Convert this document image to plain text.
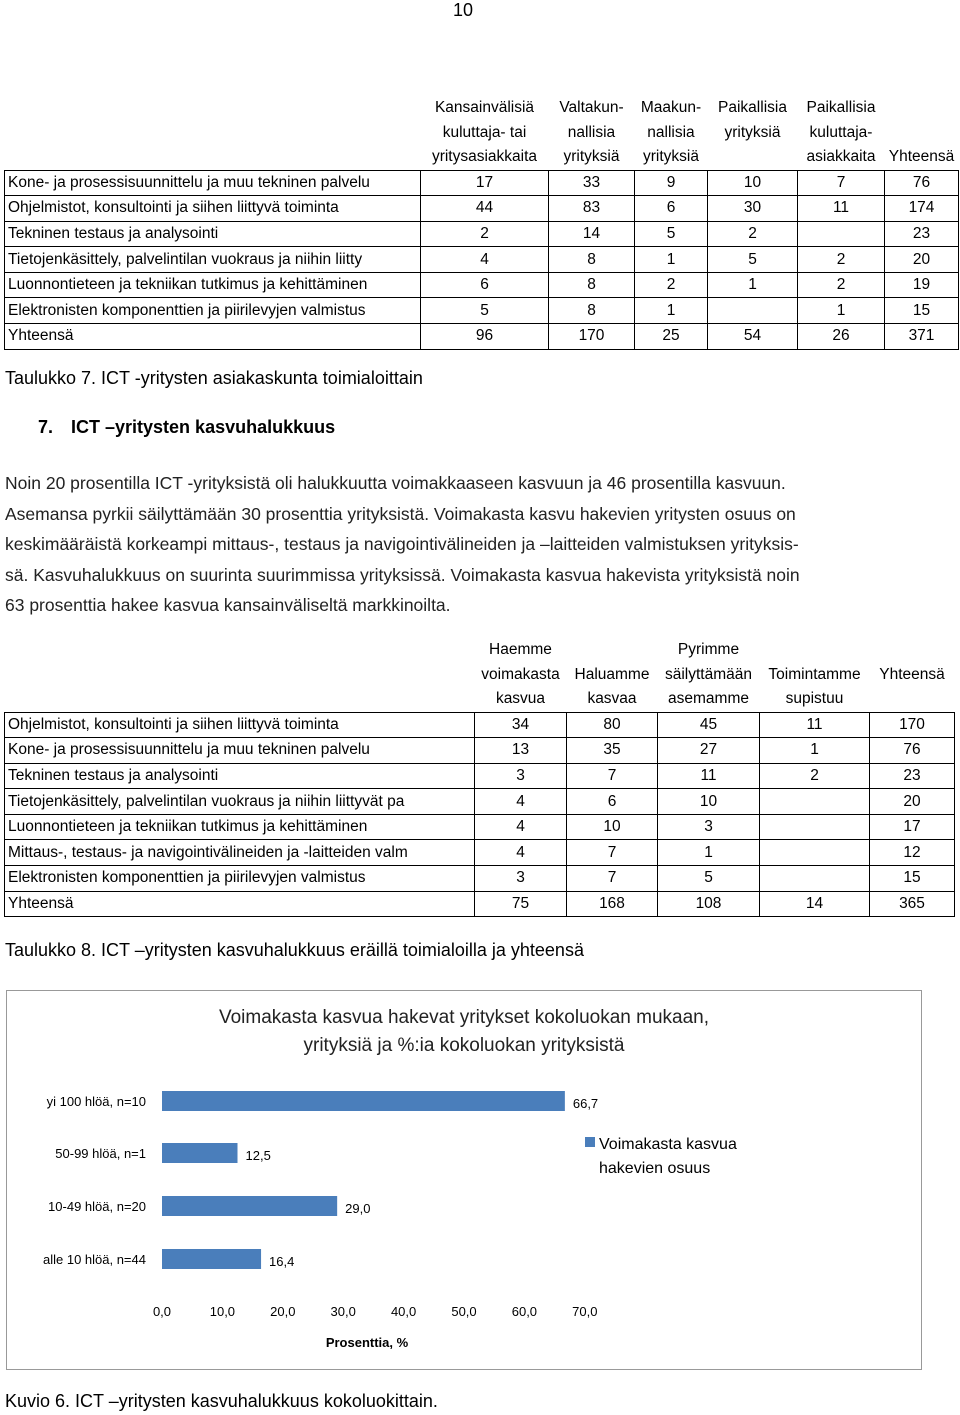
10

	Kansainvälisiä
kuluttaja- tai
yritysasiakkaita	Valtakun-
nallisia
yrityksiä	Maakun-
nallisia
yrityksiä	Paikallisia
yrityksiä	Paikallisia
kuluttaja-
asiakkaita	Yhteensä

Kone- ja prosessisuunnittelu ja muu tekninen palvelu	17	33	9	10	7	76
Ohjelmistot, konsultointi ja siihen liittyvä toiminta	44	83	6	30	11	174
Tekninen testaus ja analysointi	2	14	5	2		23
Tietojenkäsittely, palvelintilan vuokraus ja niihin liitty	4	8	1	5	2	20
Luonnontieteen ja tekniikan tutkimus ja kehittäminen	6	8	2	1	2	19
Elektronisten komponenttien ja piirilevyjen valmistus	5	8	1		1	15
Yhteensä	96	170	25	54	26	371
Taulukko 7. ICT -yritysten asiakaskunta toimialoittain
7. ICT –yritysten kasvuhalukkuus
Noin 20 prosentilla ICT -yrityksistä oli halukkuutta voimakkaaseen kasvuun ja 46 prosentilla kasvuun.
Asemansa pyrkii säilyttämään 30 prosenttia yrityksistä. Voimakasta kasvu hakevien yritysten osuus on
keskimääräistä korkeampi mittaus-, testaus ja navigointivälineiden ja –laitteiden valmistuksen yrityksis-
sä. Kasvuhalukkuus on suurinta suurimmissa yrityksissä. Voimakasta kasvua hakevista yrityksistä noin
63 prosenttia hakee kasvua kansainväliseltä markkinoilta.

	Haemme
voimakasta
kasvua	Haluamme
kasvaa	Pyrimme
säilyttämään
asemamme	Toimintamme
supistuu	Yhteensä

Ohjelmistot, konsultointi ja siihen liittyvä toiminta	34	80	45	11	170
Kone- ja prosessisuunnittelu ja muu tekninen palvelu	13	35	27	1	76
Tekninen testaus ja analysointi	3	7	11	2	23
Tietojenkäsittely, palvelintilan vuokraus ja niihin liittyvät pa	4	6	10		20
Luonnontieteen ja tekniikan tutkimus ja kehittäminen	4	10	3		17
Mittaus-, testaus- ja navigointivälineiden ja -laitteiden valm	4	7	1		12
Elektronisten komponenttien ja piirilevyjen valmistus	3	7	5		15
Yhteensä	75	168	108	14	365
Taulukko 8. ICT –yritysten kasvuhalukkuus eräillä toimialoilla ja yhteensä
Voimakasta kasvua hakevat yritykset kokoluokan mukaan,
yrityksiä ja %:ia kokoluokan yrityksistä
yi 100 hlöä, n=10	66,7
50-99 hlöä, n=1	12,5
10-49 hlöä, n=20	29,0
alle 10 hlöä, n=44	16,4
0,0	10,0	20,0	30,0	40,0	50,0	60,0	70,0
Prosenttia, %
Voimakasta kasvua
hakevien osuus
Kuvio 6. ICT –yritysten kasvuhalukkuus kokoluokittain.
